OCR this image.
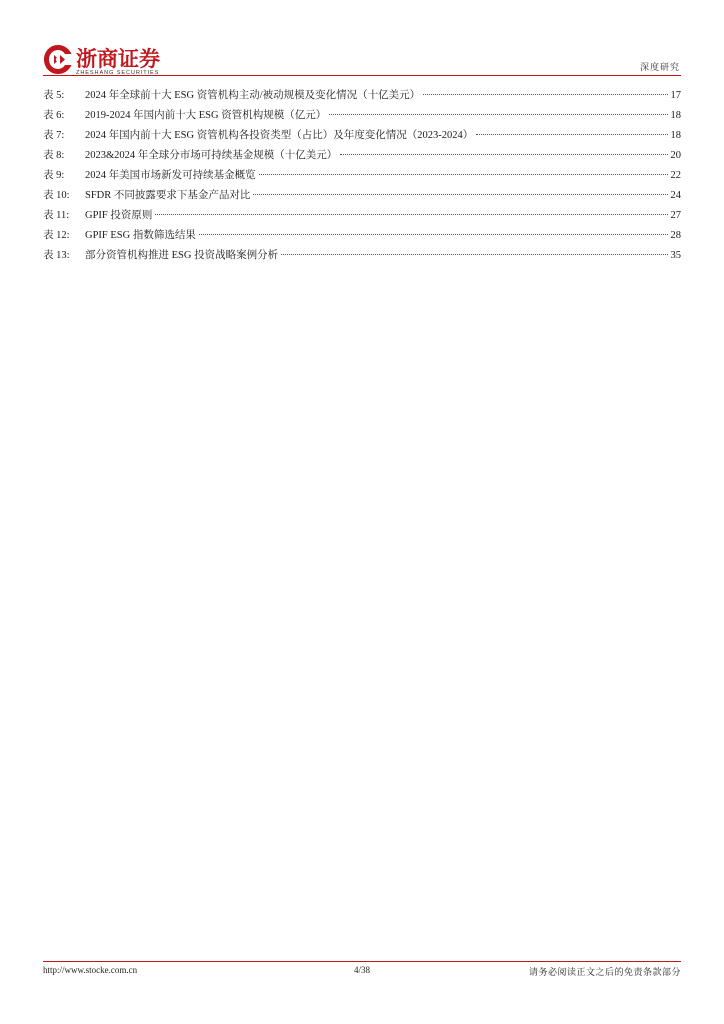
浙商证券
ZHESHANG SECURITIES
深度研究
表 5:	2024 年全球前十大 ESG 资管机构主动/被动规模及变化情况（十亿美元）	17
表 6:	2019-2024 年国内前十大 ESG 资管机构规模（亿元）	18
表 7:	2024 年国内前十大 ESG 资管机构各投资类型（占比）及年度变化情况（2023-2024）	18
表 8:	2023&2024 年全球分市场可持续基金规模（十亿美元）	20
表 9:	2024 年美国市场新发可持续基金概览	22
表 10:	SFDR 不同披露要求下基金产品对比	24
表 11:	GPIF 投资原则	27
表 12:	GPIF ESG 指数筛选结果	28
表 13:	部分资管机构推进 ESG 投资战略案例分析	35
http://www.stocke.com.cn	4/38	请务必阅读正文之后的免责条款部分
